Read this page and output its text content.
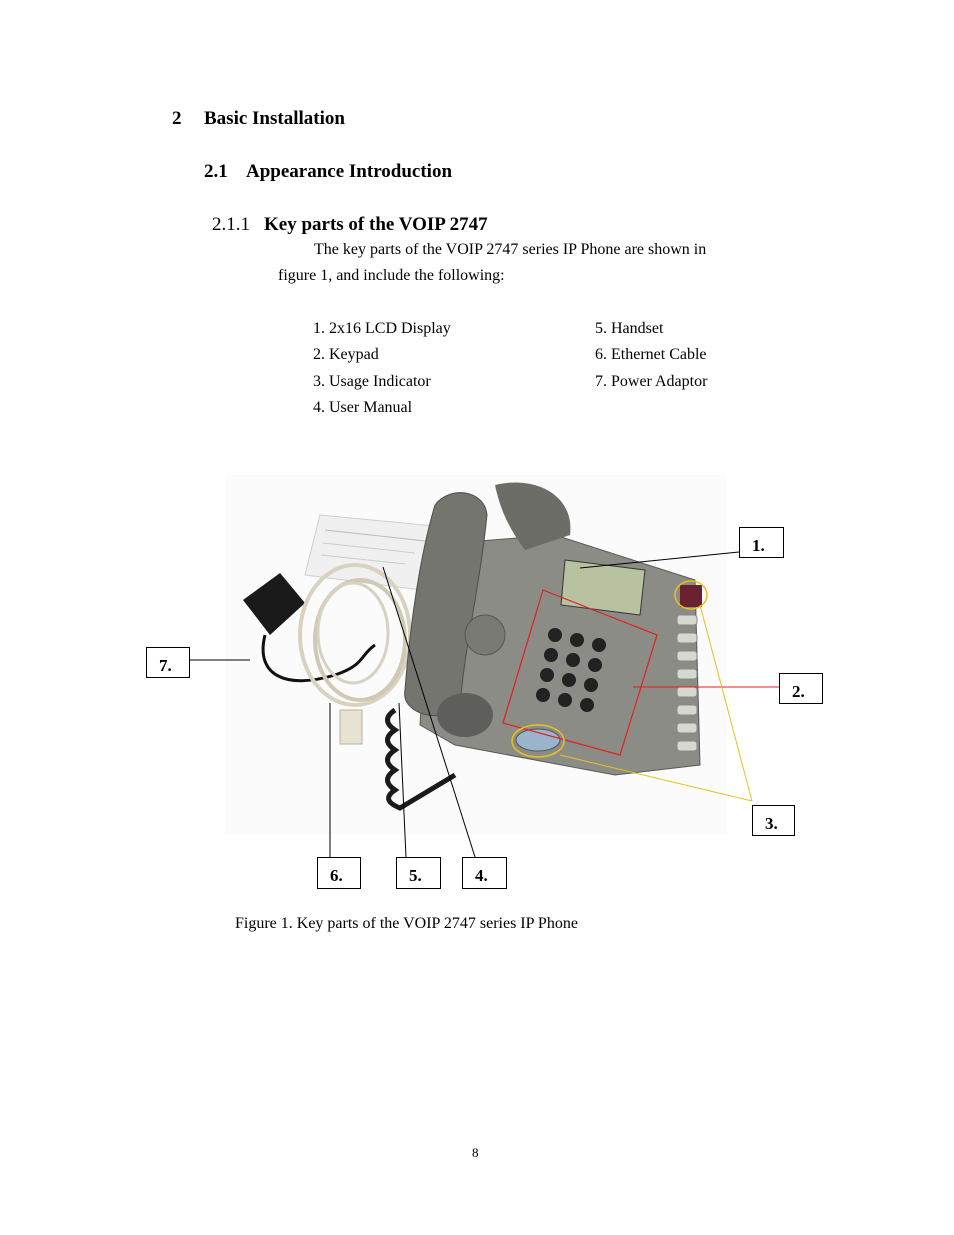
2 Basic Installation
2.1 Appearance Introduction
2.1.1 Key parts of the VOIP 2747
The key parts of the VOIP 2747 series IP Phone are shown in
figure 1, and include the following:
1. 2x16 LCD Display
2. Keypad
3. Usage Indicator
4. User Manual
5. Handset
6. Ethernet Cable
7. Power Adaptor
1.
2.
3.
4.
5.
6.
7.
Figure 1. Key parts of the VOIP 2747 series IP Phone
8
